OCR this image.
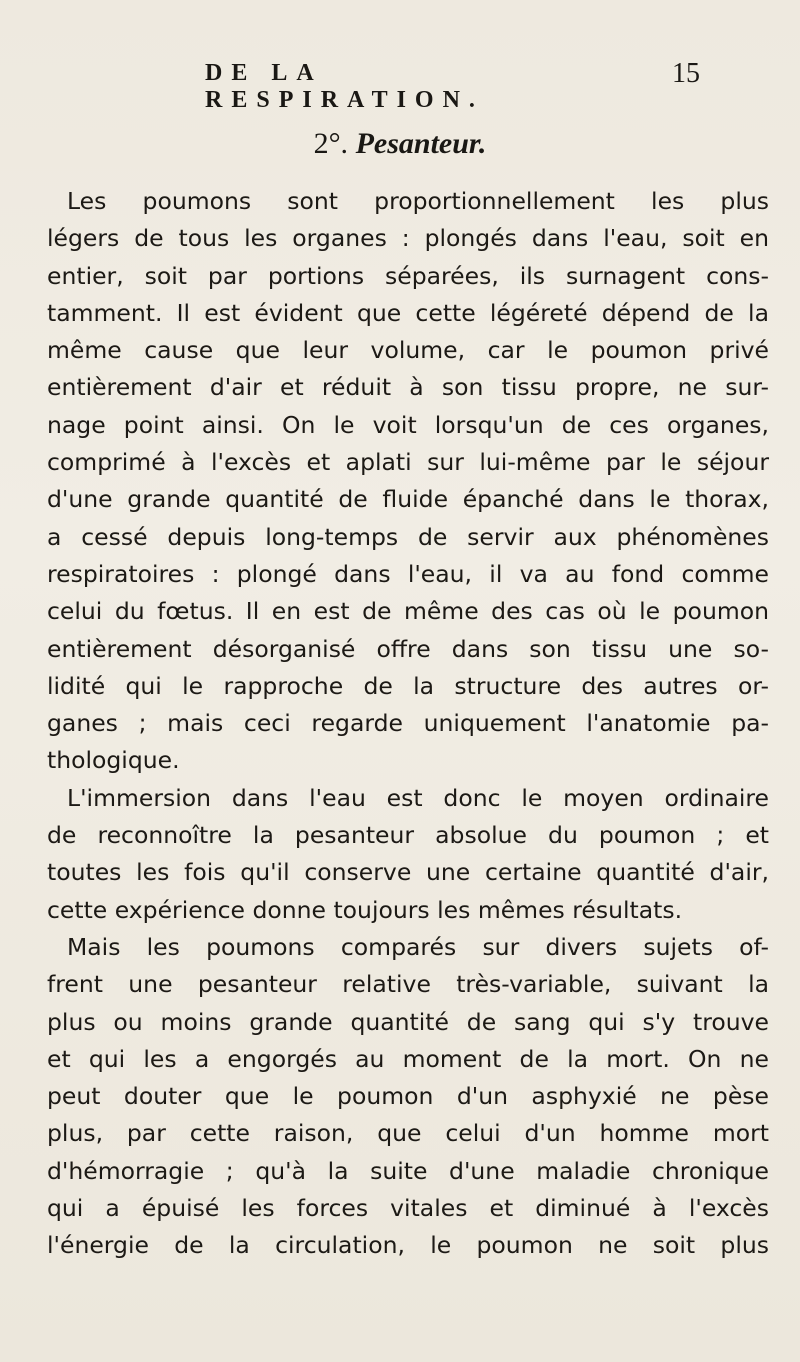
DE LA RESPIRATION.
15
2°. Pesanteur.
Les poumons sont proportionnellement les plus
légers de tous les organes : plongés dans l'eau, soit en
entier, soit par portions séparées, ils surnagent cons-
tamment. Il est évident que cette légéreté dépend de la
même cause que leur volume, car le poumon privé
entièrement d'air et réduit à son tissu propre, ne sur-
nage point ainsi. On le voit lorsqu'un de ces organes,
comprimé à l'excès et aplati sur lui-même par le séjour
d'une grande quantité de fluide épanché dans le thorax,
a cessé depuis long-temps de servir aux phénomènes
respiratoires : plongé dans l'eau, il va au fond comme
celui du fœtus. Il en est de même des cas où le poumon
entièrement désorganisé offre dans son tissu une so-
lidité qui le rapproche de la structure des autres or-
ganes ; mais ceci regarde uniquement l'anatomie pa-
thologique.
L'immersion dans l'eau est donc le moyen ordinaire
de reconnoître la pesanteur absolue du poumon ; et
toutes les fois qu'il conserve une certaine quantité d'air,
cette expérience donne toujours les mêmes résultats.
Mais les poumons comparés sur divers sujets of-
frent une pesanteur relative très-variable, suivant la
plus ou moins grande quantité de sang qui s'y trouve
et qui les a engorgés au moment de la mort. On ne
peut douter que le poumon d'un asphyxié ne pèse
plus, par cette raison, que celui d'un homme mort
d'hémorragie ; qu'à la suite d'une maladie chronique
qui a épuisé les forces vitales et diminué à l'excès
l'énergie de la circulation, le poumon ne soit plus
